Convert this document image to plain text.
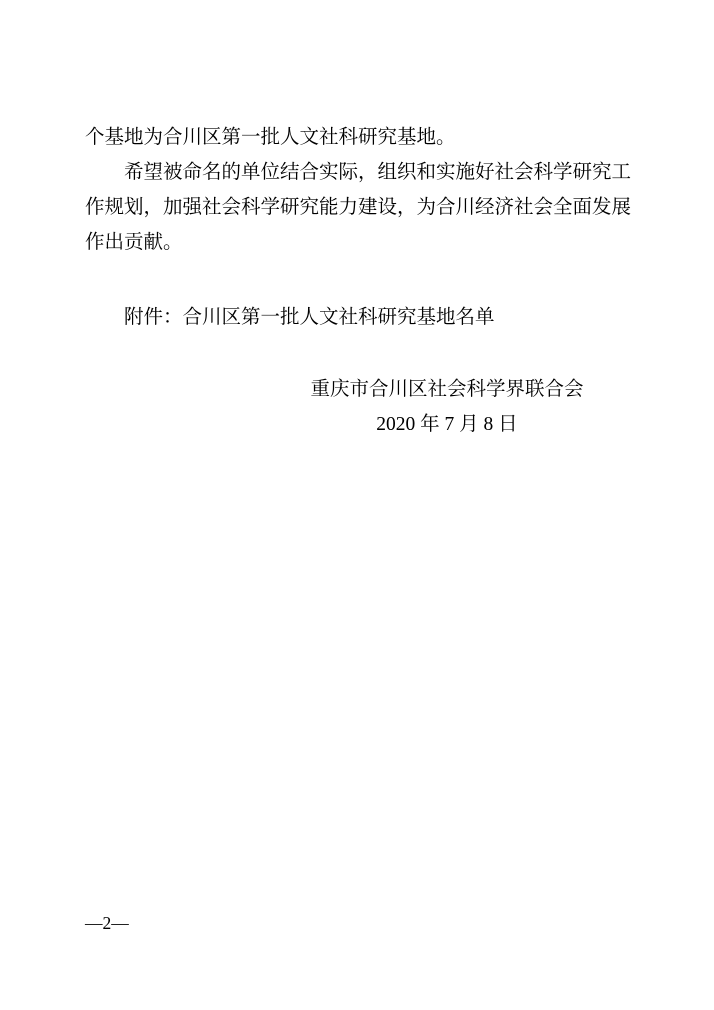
个基地为合川区第一批人文社科研究基地。
希望被命名的单位结合实际，组织和实施好社会科学研究工
作规划，加强社会科学研究能力建设，为合川经济社会全面发展
作出贡献。
附件：合川区第一批人文社科研究基地名单
重庆市合川区社会科学界联合会
2020 年 7 月 8 日
—2—
